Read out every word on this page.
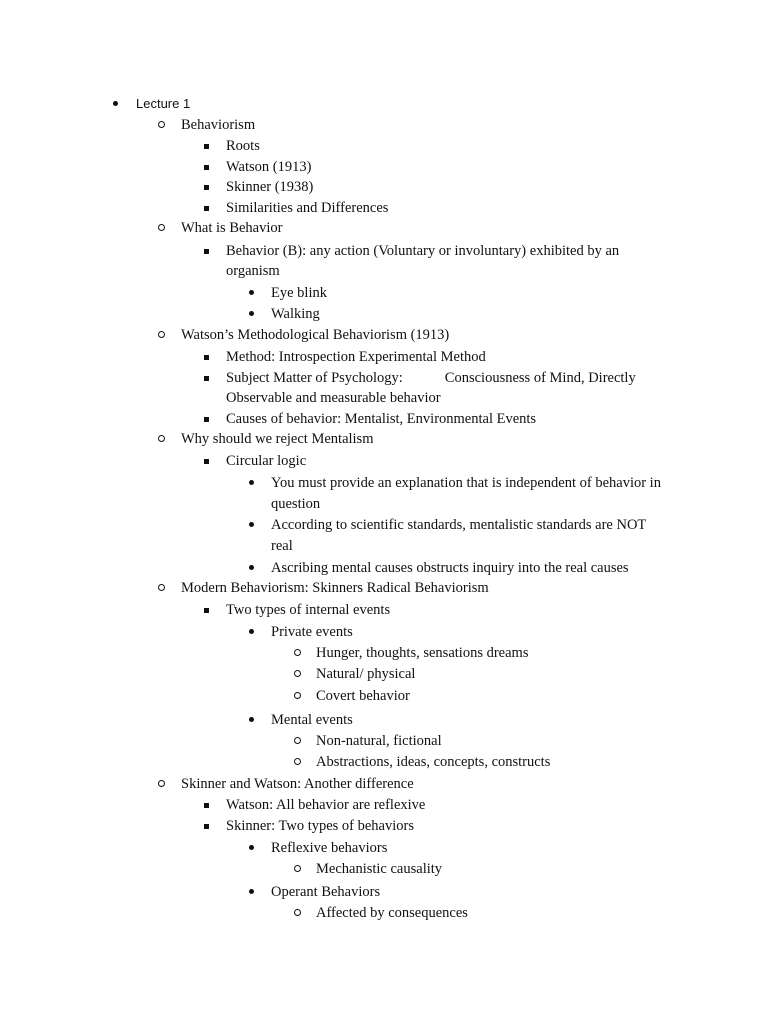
Lecture 1
Behaviorism
Roots
Watson (1913)
Skinner (1938)
Similarities and Differences
What is Behavior
Behavior (B): any action (Voluntary or involuntary) exhibited by an
organism
Eye blink
Walking
Watson’s Methodological Behaviorism (1913)
Method: Introspection Experimental Method
Subject Matter of Psychology:	Consciousness of Mind, Directly
Observable and measurable behavior
Causes of behavior: Mentalist, Environmental Events
Why should we reject Mentalism
Circular logic
You must provide an explanation that is independent of behavior in
question
According to scientific standards, mentalistic standards are NOT
real
Ascribing mental causes obstructs inquiry into the real causes
Modern Behaviorism: Skinners Radical Behaviorism
Two types of internal events
Private events
Hunger, thoughts, sensations dreams
Natural/ physical
Covert behavior
Mental events
Non-natural, fictional
Abstractions, ideas, concepts, constructs
Skinner and Watson: Another difference
Watson: All behavior are reflexive
Skinner: Two types of behaviors
Reflexive behaviors
Mechanistic causality
Operant Behaviors
Affected by consequences
